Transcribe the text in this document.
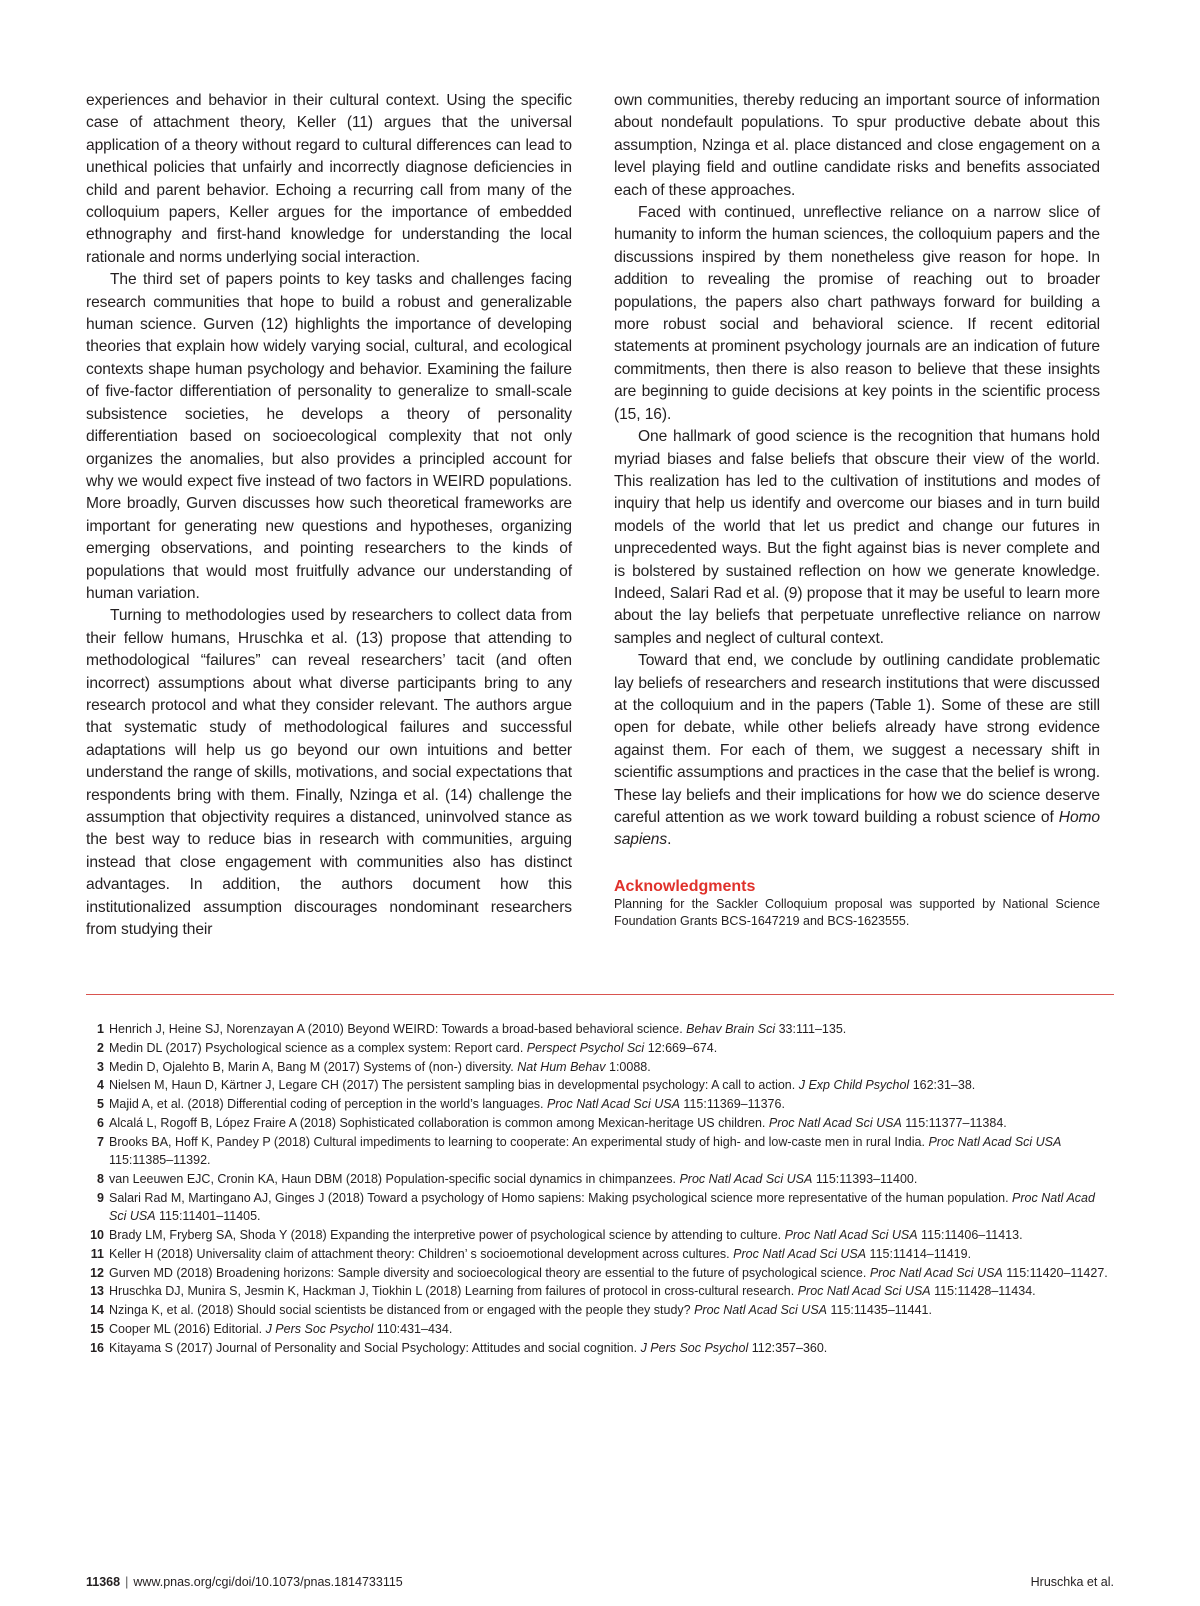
experiences and behavior in their cultural context. Using the specific case of attachment theory, Keller (11) argues that the universal application of a theory without regard to cultural differences can lead to unethical policies that unfairly and incorrectly diagnose deficiencies in child and parent behavior. Echoing a recurring call from many of the colloquium papers, Keller argues for the importance of embedded ethnography and first-hand knowledge for understanding the local rationale and norms underlying social interaction.

The third set of papers points to key tasks and challenges facing research communities that hope to build a robust and generalizable human science. Gurven (12) highlights the importance of developing theories that explain how widely varying social, cultural, and ecological contexts shape human psychology and behavior. Examining the failure of five-factor differentiation of personality to generalize to small-scale subsistence societies, he develops a theory of personality differentiation based on socioecological complexity that not only organizes the anomalies, but also provides a principled account for why we would expect five instead of two factors in WEIRD populations. More broadly, Gurven discusses how such theoretical frameworks are important for generating new questions and hypotheses, organizing emerging observations, and pointing researchers to the kinds of populations that would most fruitfully advance our understanding of human variation.

Turning to methodologies used by researchers to collect data from their fellow humans, Hruschka et al. (13) propose that attending to methodological “failures” can reveal researchers’ tacit (and often incorrect) assumptions about what diverse participants bring to any research protocol and what they consider relevant. The authors argue that systematic study of methodological failures and successful adaptations will help us go beyond our own intuitions and better understand the range of skills, motivations, and social expectations that respondents bring with them. Finally, Nzinga et al. (14) challenge the assumption that objectivity requires a distanced, uninvolved stance as the best way to reduce bias in research with communities, arguing instead that close engagement with communities also has distinct advantages. In addition, the authors document how this institutionalized assumption discourages nondominant researchers from studying their

own communities, thereby reducing an important source of information about nondefault populations. To spur productive debate about this assumption, Nzinga et al. place distanced and close engagement on a level playing field and outline candidate risks and benefits associated each of these approaches.

Faced with continued, unreflective reliance on a narrow slice of humanity to inform the human sciences, the colloquium papers and the discussions inspired by them nonetheless give reason for hope. In addition to revealing the promise of reaching out to broader populations, the papers also chart pathways forward for building a more robust social and behavioral science. If recent editorial statements at prominent psychology journals are an indication of future commitments, then there is also reason to believe that these insights are beginning to guide decisions at key points in the scientific process (15, 16).

One hallmark of good science is the recognition that humans hold myriad biases and false beliefs that obscure their view of the world. This realization has led to the cultivation of institutions and modes of inquiry that help us identify and overcome our biases and in turn build models of the world that let us predict and change our futures in unprecedented ways. But the fight against bias is never complete and is bolstered by sustained reflection on how we generate knowledge. Indeed, Salari Rad et al. (9) propose that it may be useful to learn more about the lay beliefs that perpetuate unreflective reliance on narrow samples and neglect of cultural context.

Toward that end, we conclude by outlining candidate problematic lay beliefs of researchers and research institutions that were discussed at the colloquium and in the papers (Table 1). Some of these are still open for debate, while other beliefs already have strong evidence against them. For each of them, we suggest a necessary shift in scientific assumptions and practices in the case that the belief is wrong. These lay beliefs and their implications for how we do science deserve careful attention as we work toward building a robust science of Homo sapiens.

Acknowledgments

Planning for the Sackler Colloquium proposal was supported by National Science Foundation Grants BCS-1647219 and BCS-1623555.

1 Henrich J, Heine SJ, Norenzayan A (2010) Beyond WEIRD: Towards a broad-based behavioral science. Behav Brain Sci 33:111–135.
2 Medin DL (2017) Psychological science as a complex system: Report card. Perspect Psychol Sci 12:669–674.
3 Medin D, Ojalehto B, Marin A, Bang M (2017) Systems of (non-) diversity. Nat Hum Behav 1:0088.
4 Nielsen M, Haun D, Kärtner J, Legare CH (2017) The persistent sampling bias in developmental psychology: A call to action. J Exp Child Psychol 162:31–38.
5 Majid A, et al. (2018) Differential coding of perception in the world’s languages. Proc Natl Acad Sci USA 115:11369–11376.
6 Alcalá L, Rogoff B, López Fraire A (2018) Sophisticated collaboration is common among Mexican-heritage US children. Proc Natl Acad Sci USA 115:11377–11384.
7 Brooks BA, Hoff K, Pandey P (2018) Cultural impediments to learning to cooperate: An experimental study of high- and low-caste men in rural India. Proc Natl Acad Sci USA 115:11385–11392.
8 van Leeuwen EJC, Cronin KA, Haun DBM (2018) Population-specific social dynamics in chimpanzees. Proc Natl Acad Sci USA 115:11393–11400.
9 Salari Rad M, Martingano AJ, Ginges J (2018) Toward a psychology of Homo sapiens: Making psychological science more representative of the human population. Proc Natl Acad Sci USA 115:11401–11405.
10 Brady LM, Fryberg SA, Shoda Y (2018) Expanding the interpretive power of psychological science by attending to culture. Proc Natl Acad Sci USA 115:11406–11413.
11 Keller H (2018) Universality claim of attachment theory: Children’ s socioemotional development across cultures. Proc Natl Acad Sci USA 115:11414–11419.
12 Gurven MD (2018) Broadening horizons: Sample diversity and socioecological theory are essential to the future of psychological science. Proc Natl Acad Sci USA 115:11420–11427.
13 Hruschka DJ, Munira S, Jesmin K, Hackman J, Tiokhin L (2018) Learning from failures of protocol in cross-cultural research. Proc Natl Acad Sci USA 115:11428–11434.
14 Nzinga K, et al. (2018) Should social scientists be distanced from or engaged with the people they study? Proc Natl Acad Sci USA 115:11435–11441.
15 Cooper ML (2016) Editorial. J Pers Soc Psychol 110:431–434.
16 Kitayama S (2017) Journal of Personality and Social Psychology: Attitudes and social cognition. J Pers Soc Psychol 112:357–360.
11368 | www.pnas.org/cgi/doi/10.1073/pnas.1814733115	Hruschka et al.
